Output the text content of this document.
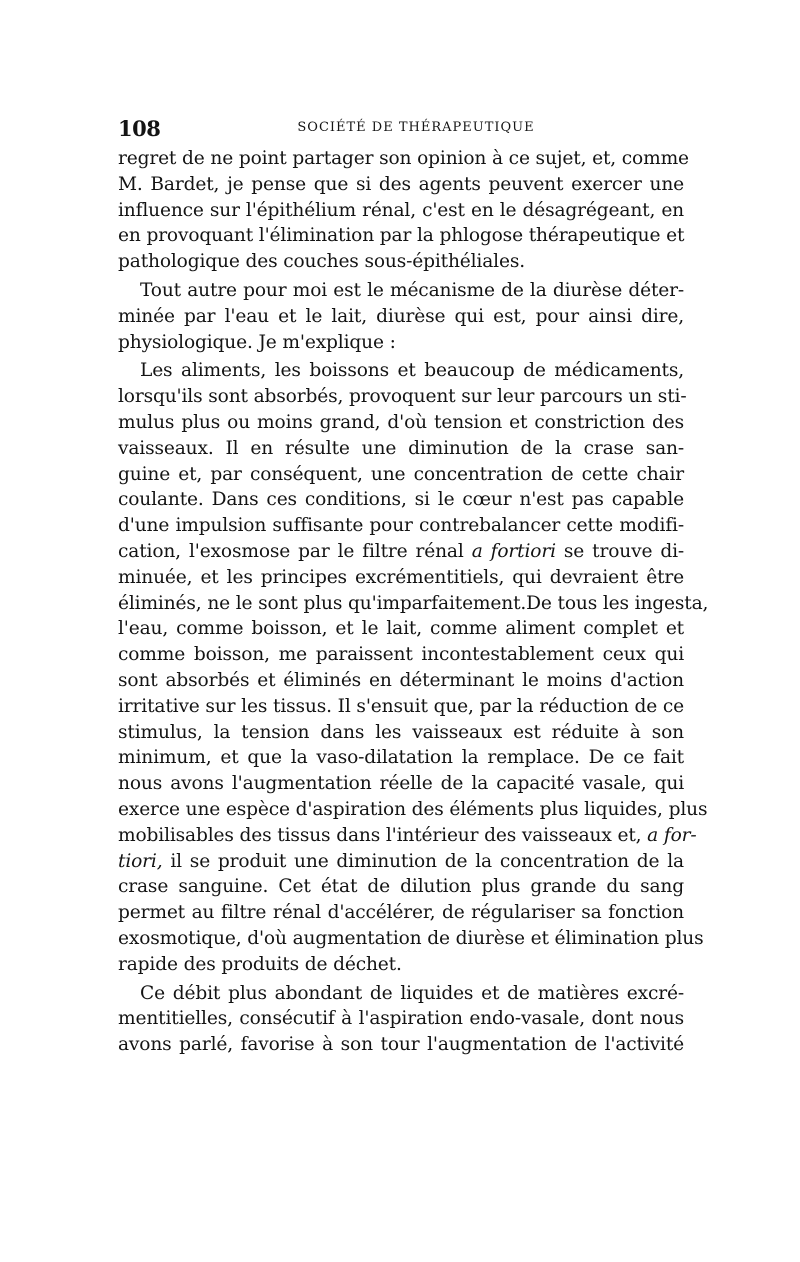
108	SOCIÉTÉ DE THÉRAPEUTIQUE
regret de ne point partager son opinion à ce sujet, et, comme
M. Bardet, je pense que si des agents peuvent exercer une
influence sur l'épithélium rénal, c'est en le désagrégeant, en
en provoquant l'élimination par la phlogose thérapeutique et
pathologique des couches sous-épithéliales.
Tout autre pour moi est le mécanisme de la diurèse déter-
minée par l'eau et le lait, diurèse qui est, pour ainsi dire,
physiologique. Je m'explique :
Les aliments, les boissons et beaucoup de médicaments,
lorsqu'ils sont absorbés, provoquent sur leur parcours un sti-
mulus plus ou moins grand, d'où tension et constriction des
vaisseaux. Il en résulte une diminution de la crase san-
guine et, par conséquent, une concentration de cette chair
coulante. Dans ces conditions, si le cœur n'est pas capable
d'une impulsion suffisante pour contrebalancer cette modifi-
cation, l'exosmose par le filtre rénal a fortiori se trouve di-
minuée, et les principes excrémentitiels, qui devraient être
éliminés, ne le sont plus qu'imparfaitement.De tous les ingesta,
l'eau, comme boisson, et le lait, comme aliment complet et
comme boisson, me paraissent incontestablement ceux qui
sont absorbés et éliminés en déterminant le moins d'action
irritative sur les tissus. Il s'ensuit que, par la réduction de ce
stimulus, la tension dans les vaisseaux est réduite à son
minimum, et que la vaso-dilatation la remplace. De ce fait
nous avons l'augmentation réelle de la capacité vasale, qui
exerce une espèce d'aspiration des éléments plus liquides, plus
mobilisables des tissus dans l'intérieur des vaisseaux et, a for-
tiori, il se produit une diminution de la concentration de la
crase sanguine. Cet état de dilution plus grande du sang
permet au filtre rénal d'accélérer, de régulariser sa fonction
exosmotique, d'où augmentation de diurèse et élimination plus
rapide des produits de déchet.
Ce débit plus abondant de liquides et de matières excré-
mentitielles, consécutif à l'aspiration endo-vasale, dont nous
avons parlé, favorise à son tour l'augmentation de l'activité
